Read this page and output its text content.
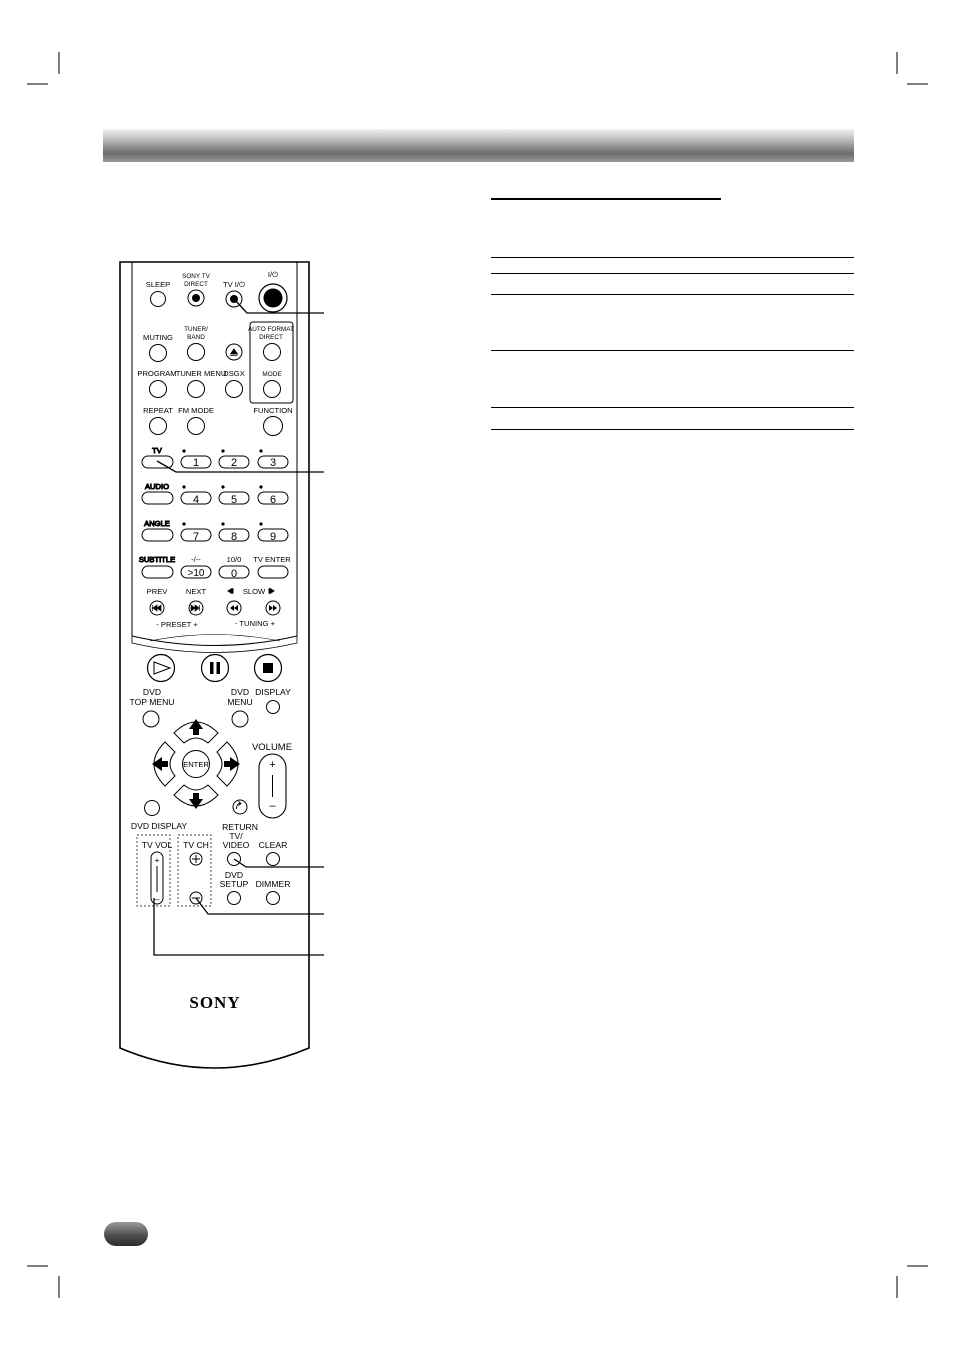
SLEEP
SONY TV
DIRECT TV I/⏻
I/⏻
MUTING
TUNER/
BAND
AUTO FORMAT
DIRECT
PROGRAM TUNER MENU
DSGX	MODE
REPEAT FM MODE	FUNCTION
TV
AUDIO
ANGLE
SUBTITLE
1	2	3
4	5	6
7	8	9
>10 0
-/--	10/0 TV ENTER
PREV NEXT	SLOW
- PRESET +	- TUNING +
DVD
TOP MENU
DVD
MENU
DISPLAY
ENTER
VOLUME
+
–
DVD DISPLAY	RETURN
TV/
VIDEO CLEAR
DVD
SETUP DIMMER
TV VOL
+
–
TV CH
SONY
